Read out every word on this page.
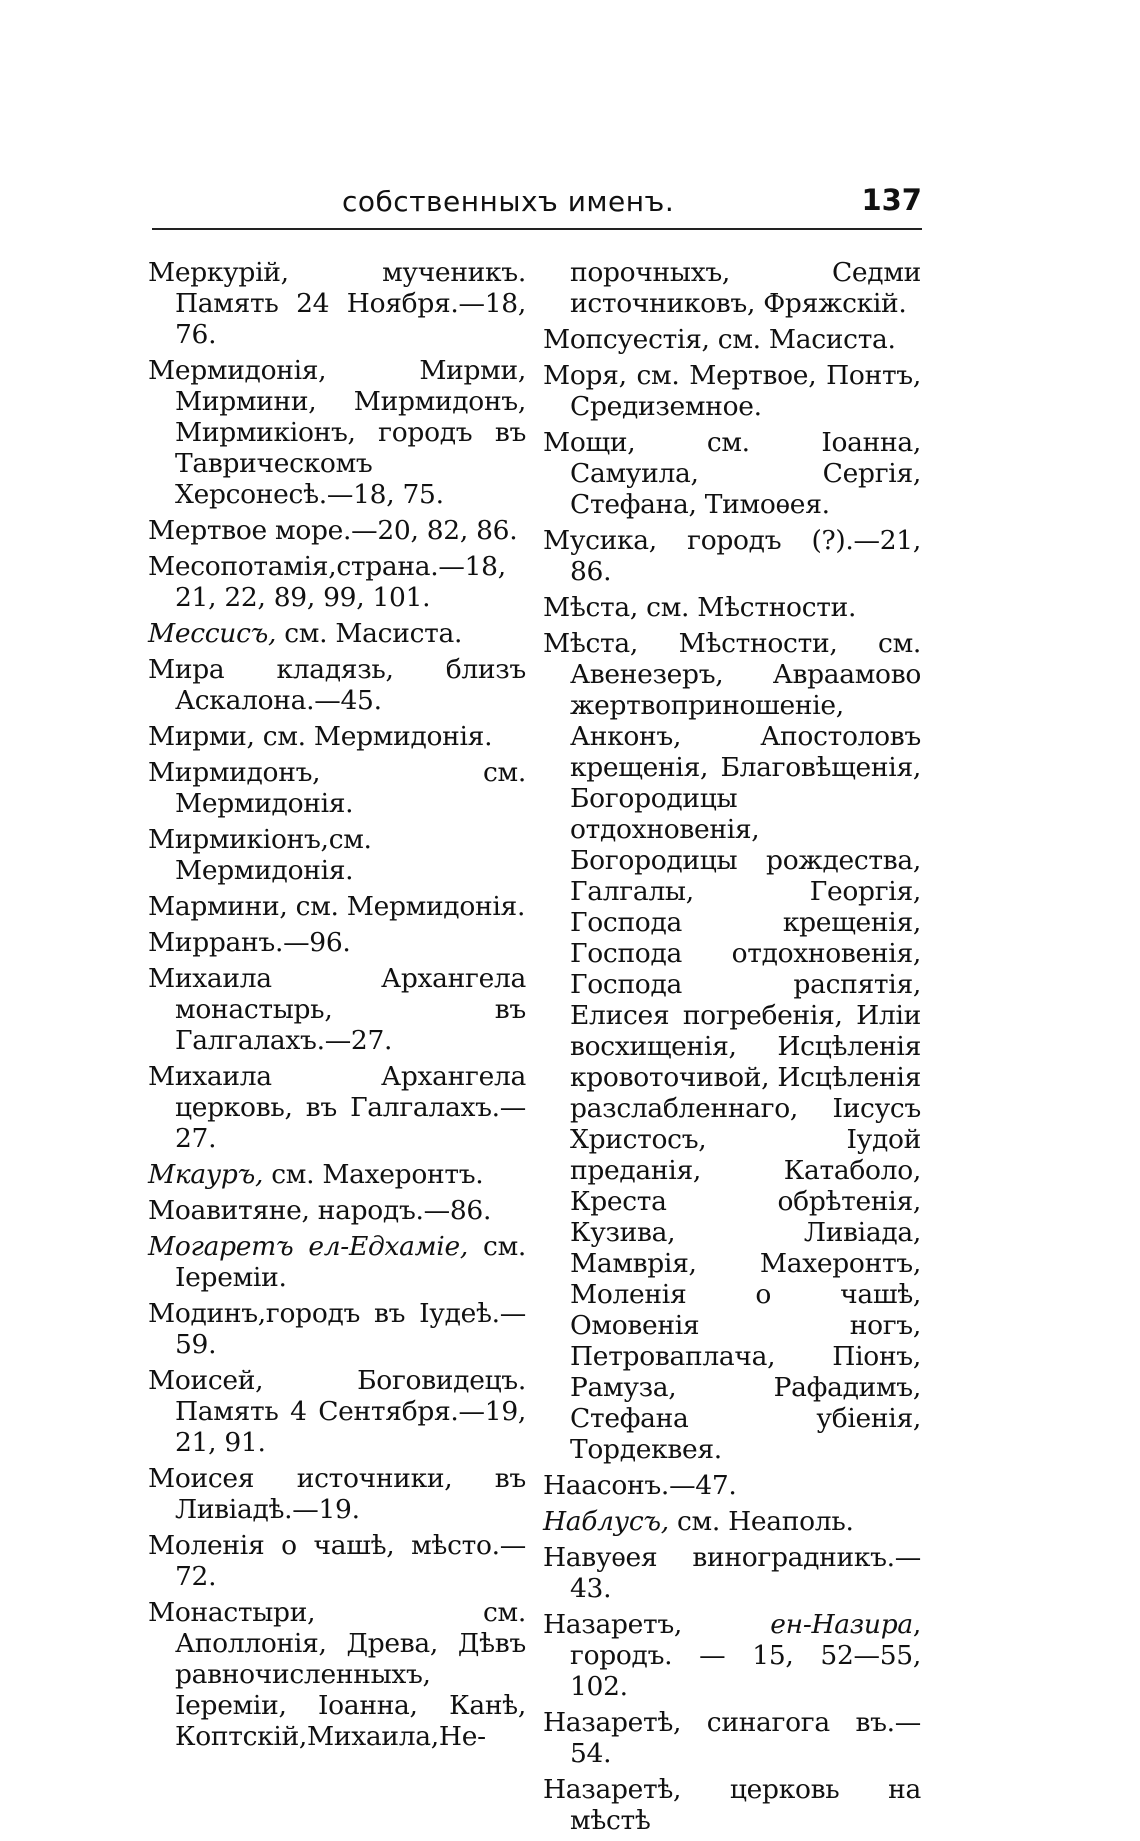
собственныхъ именъ.	137
Меркурій, мученикъ. Память 24 Ноября.—18, 76.
Мермидонія, Мирми, Мирмини, Мирмидонъ, Мирмикіонъ, городъ въ Таврическомъ Херсонесѣ.—18, 75.
Мертвое море.—20, 82, 86.
Месопотамія,страна.—18, 21, 22, 89, 99, 101.
Мессисъ, см. Масиста.
Мира кладязь, близъ Аскалона.—45.
Мирми, см. Мермидонія.
Мирмидонъ, см. Мермидонія.
Мирмикіонъ,см. Мермидонія.
Мармини, см. Мермидонія.
Мирранъ.—96.
Михаила Архангела монастырь, въ Галгалахъ.—27.
Михаила Архангела церковь, въ Галгалахъ.—27.
Мкауръ, см. Махеронтъ.
Моавитяне, народъ.—86.
Могаретъ ел-Едхаміе, см. Іереміи.
Модинъ,городъ въ Іудеѣ.—59.
Моисей, Боговидецъ. Память 4 Сентября.—19, 21, 91.
Моисея источники, въ Ливіадѣ.—19.
Моленія о чашѣ, мѣсто.—72.
Монастыри, см. Аполлонія, Древа, Дѣвъ равночисленныхъ, Іереміи, Іоанна, Канѣ, Коптскій,Михаила,Не-
порочныхъ, Седми источниковъ, Фряжскій.
Мопсуестія, см. Масиста.
Моря, см. Мертвое, Понтъ, Средиземное.
Мощи, см. Іоанна, Самуила, Сергія, Стефана, Тимоѳея.
Мусика, городъ (?).—21, 86.
Мѣста, см. Мѣстности.
Мѣста, Мѣстности, см. Авенезеръ, Авраамово жертвоприношеніе, Анконъ, Апостоловъ крещенія, Благовѣщенія, Богородицы отдохновенія, Богородицы рождества, Галгалы, Георгія, Господа крещенія, Господа отдохновенія, Господа распятія, Елисея погребенія, Иліи восхищенія, Исцѣленія кровоточивой, Исцѣленія разслабленнаго, Іисусъ Христосъ, Іудой преданія, Катаболо, Креста обрѣтенія, Кузива, Ливіада, Мамврія, Махеронтъ, Моленія о чашѣ, Омовенія ногъ, Петроваплача, Піонъ, Рамуза, Рафадимъ, Стефана убіенія, Тордеквея.
Наасонъ.—47.
Наблусъ, см. Неаполь.
Навуѳея виноградникъ.—43.
Назаретъ,	ен-Назира, городъ. — 15, 52—55, 102.
Назаретѣ, синагога въ.—54.
Назаретѣ, церковь на мѣстѣ
